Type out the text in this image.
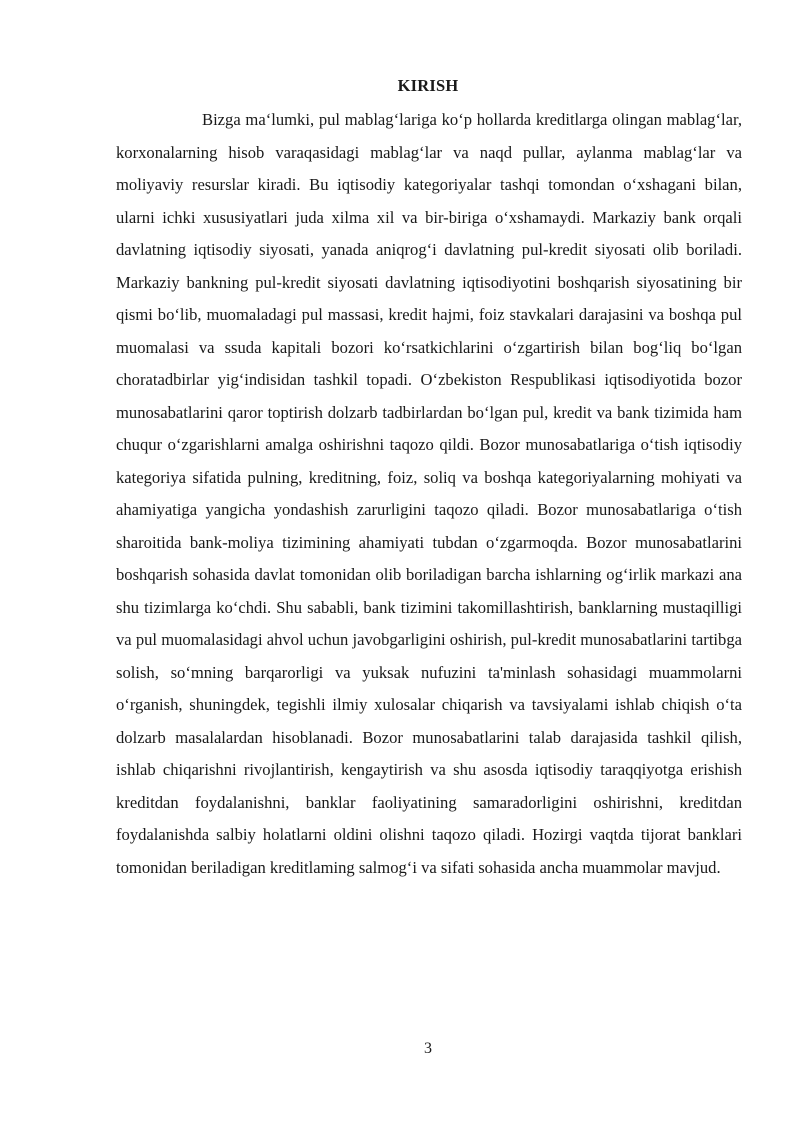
KIRISH

Bizga maʻlumki, pul mablagʻlariga koʻp hollarda kreditlarga olingan mablagʻlar, korxonalarning hisob varaqasidagi mablagʻlar va naqd pullar, aylanma mablagʻlar va moliyaviy resurslar kiradi. Bu iqtisodiy kategoriyalar tashqi tomondan oʻxshagani bilan, ularni ichki xususiyatlari juda xilma xil va bir-biriga oʻxshamaydi. Markaziy bank orqali davlatning iqtisodiy siyosati, yanada aniqrogʻi davlatning pul-kredit siyosati olib boriladi. Markaziy bankning pul-kredit siyosati davlatning iqtisodiyotini boshqarish siyosatining bir qismi boʻlib, muomaladagi pul massasi, kredit hajmi, foiz stavkalari darajasini va boshqa pul muomalasi va ssuda kapitali bozori koʻrsatkichlarini oʻzgartirish bilan bogʻliq boʻlgan choratadbirlar yigʻindisidan tashkil topadi. Oʻzbekiston Respublikasi iqtisodiyotida bozor munosabatlarini qaror toptirish dolzarb tadbirlardan boʻlgan pul, kredit va bank tizimida ham chuqur oʻzgarishlarni amalga oshirishni taqozo qildi. Bozor munosabatlariga oʻtish iqtisodiy kategoriya sifatida pulning, kreditning, foiz, soliq va boshqa kategoriyalarning mohiyati va ahamiyatiga yangicha yondashish zarurligini taqozo qiladi. Bozor munosabatlariga oʻtish sharoitida bank-moliya tizimining ahamiyati tubdan oʻzgarmoqda. Bozor munosabatlarini boshqarish sohasida davlat tomonidan olib boriladigan barcha ishlarning ogʻirlik markazi ana shu tizimlarga koʻchdi. Shu sababli, bank tizimini takomillashtirish, banklarning mustaqilligi va pul muomalasidagi ahvol uchun javobgarligini oshirish, pul-kredit munosabatlarini tartibga solish, soʻmning barqarorligi va yuksak nufuzini ta'minlash sohasidagi muammolarni oʻrganish, shuningdek, tegishli ilmiy xulosalar chiqarish va tavsiyalami ishlab chiqish oʻta dolzarb masalalardan hisoblanadi. Bozor munosabatlarini talab darajasida tashkil qilish, ishlab chiqarishni rivojlantirish, kengaytirish va shu asosda iqtisodiy taraqqiyotga erishish kreditdan foydalanishni, banklar faoliyatining samaradorligini oshirishni, kreditdan foydalanishda salbiy holatlarni oldini olishni taqozo qiladi. Hozirgi vaqtda tijorat banklari tomonidan beriladigan kreditlaming salmogʻi va sifati sohasida ancha muammolar mavjud.

3
